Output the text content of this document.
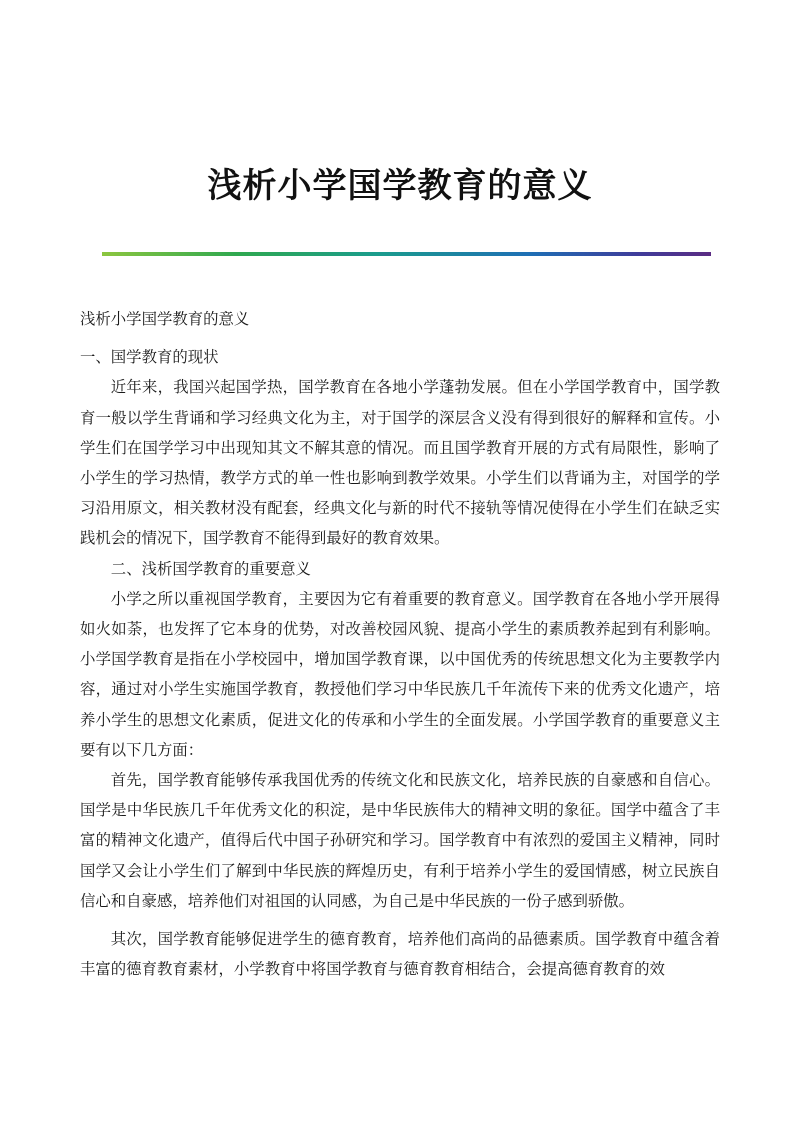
浅析小学国学教育的意义

浅析小学国学教育的意义

一、国学教育的现状

近年来，我国兴起国学热，国学教育在各地小学蓬勃发展。但在小学国学教育中，国学教育一般以学生背诵和学习经典文化为主，对于国学的深层含义没有得到很好的解释和宣传。小学生们在国学学习中出现知其文不解其意的情况。而且国学教育开展的方式有局限性，影响了小学生的学习热情，教学方式的单一性也影响到教学效果。小学生们以背诵为主，对国学的学习沿用原文，相关教材没有配套，经典文化与新的时代不接轨等情况使得在小学生们在缺乏实践机会的情况下，国学教育不能得到最好的教育效果。

二、浅析国学教育的重要意义

小学之所以重视国学教育，主要因为它有着重要的教育意义。国学教育在各地小学开展得如火如荼，也发挥了它本身的优势，对改善校园风貌、提高小学生的素质教养起到有利影响。小学国学教育是指在小学校园中，增加国学教育课，以中国优秀的传统思想文化为主要教学内容，通过对小学生实施国学教育，教授他们学习中华民族几千年流传下来的优秀文化遗产，培养小学生的思想文化素质，促进文化的传承和小学生的全面发展。小学国学教育的重要意义主要有以下几方面：

首先，国学教育能够传承我国优秀的传统文化和民族文化，培养民族的自豪感和自信心。国学是中华民族几千年优秀文化的积淀，是中华民族伟大的精神文明的象征。国学中蕴含了丰富的精神文化遗产，值得后代中国子孙研究和学习。国学教育中有浓烈的爱国主义精神，同时国学又会让小学生们了解到中华民族的辉煌历史，有利于培养小学生的爱国情感，树立民族自信心和自豪感，培养他们对祖国的认同感，为自己是中华民族的一份子感到骄傲。

其次，国学教育能够促进学生的德育教育，培养他们高尚的品德素质。国学教育中蕴含着丰富的德育教育素材，小学教育中将国学教育与德育教育相结合，会提高德育教育的效
